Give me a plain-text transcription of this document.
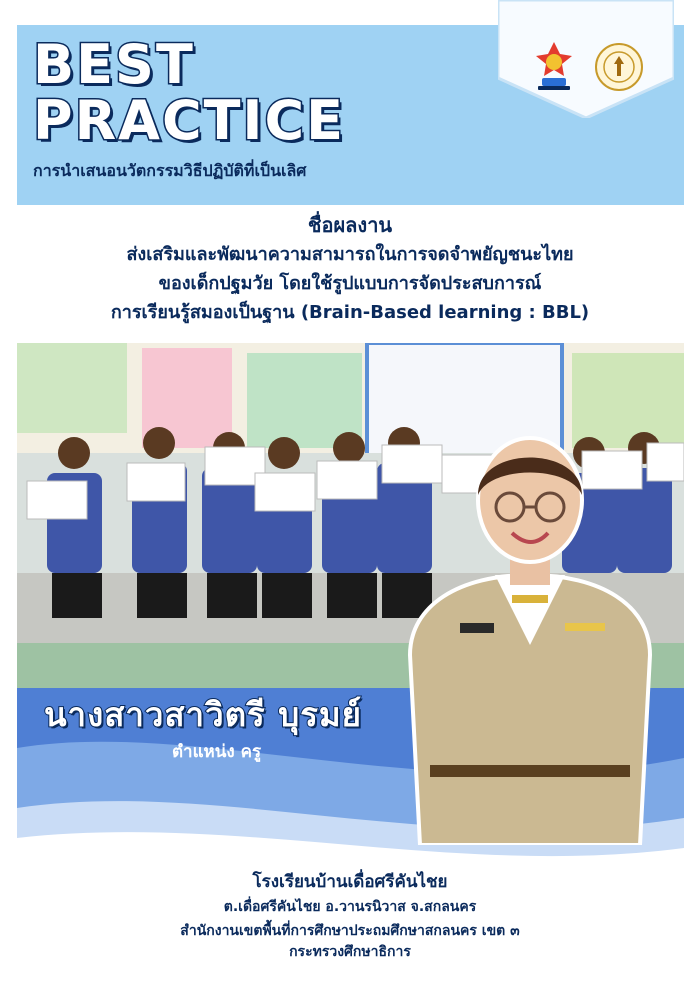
BEST
PRACTICE
การนำเสนอนวัตกรรมวิธีปฏิบัติที่เป็นเลิศ
ชื่อผลงาน
ส่งเสริมและพัฒนาความสามารถในการจดจำพยัญชนะไทย
ของเด็กปฐมวัย โดยใช้รูปแบบการจัดประสบการณ์
การเรียนรู้สมองเป็นฐาน (Brain-Based learning : BBL)
นางสาวสาวิตรี บุรมย์
ตำแหน่ง ครู
โรงเรียนบ้านเดื่อศรีคันไชย
ต.เดื่อศรีคันไชย อ.วานรนิวาส จ.สกลนคร
สำนักงานเขตพื้นที่การศึกษาประถมศึกษาสกลนคร เขต ๓
กระทรวงศึกษาธิการ
